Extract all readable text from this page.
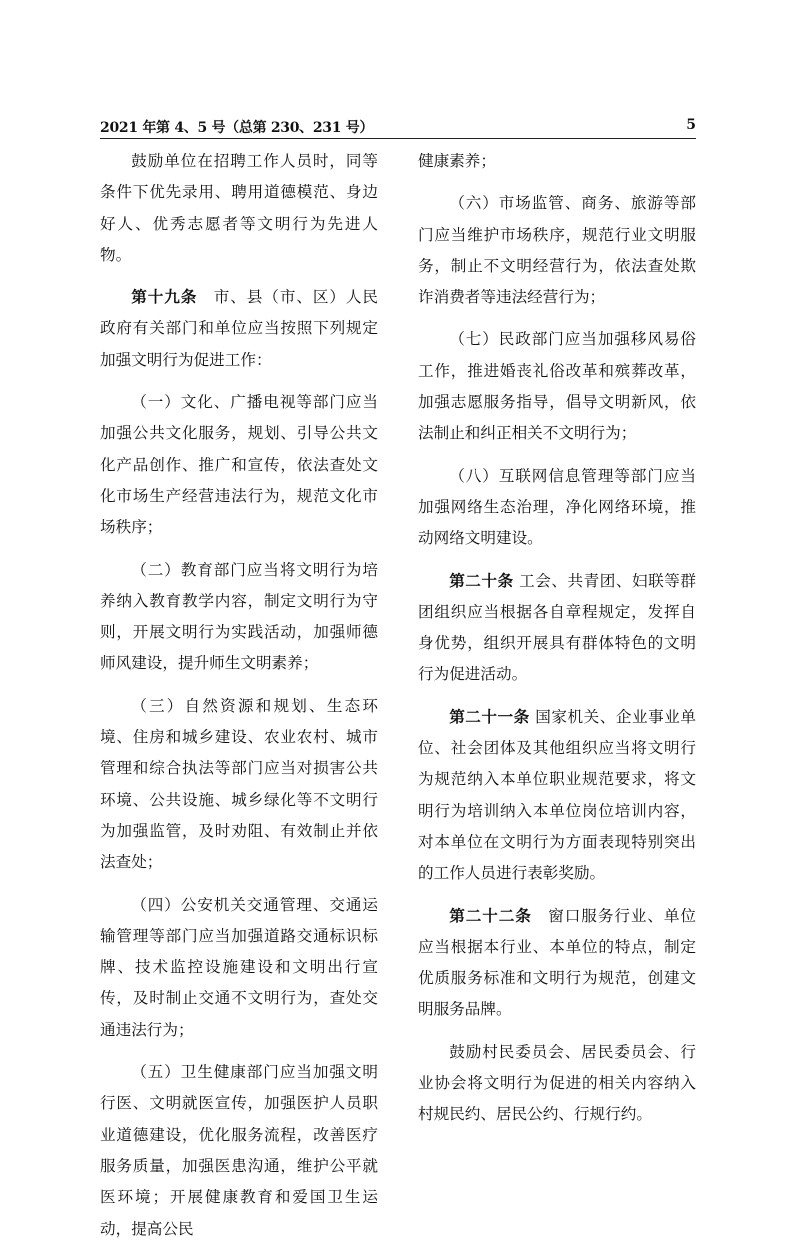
2021 年第 4、5 号（总第 230、231 号）	5

鼓励单位在招聘工作人员时，同等条件下优先录用、聘用道德模范、身边好人、优秀志愿者等文明行为先进人物。

第十九条　市、县（市、区）人民政府有关部门和单位应当按照下列规定加强文明行为促进工作：

（一）文化、广播电视等部门应当加强公共文化服务，规划、引导公共文化产品创作、推广和宣传，依法查处文化市场生产经营违法行为，规范文化市场秩序；

（二）教育部门应当将文明行为培养纳入教育教学内容，制定文明行为守则，开展文明行为实践活动，加强师德师风建设，提升师生文明素养；

（三）自然资源和规划、生态环境、住房和城乡建设、农业农村、城市管理和综合执法等部门应当对损害公共环境、公共设施、城乡绿化等不文明行为加强监管，及时劝阻、有效制止并依法查处；

（四）公安机关交通管理、交通运输管理等部门应当加强道路交通标识标牌、技术监控设施建设和文明出行宣传，及时制止交通不文明行为，查处交通违法行为；

（五）卫生健康部门应当加强文明行医、文明就医宣传，加强医护人员职业道德建设，优化服务流程，改善医疗服务质量，加强医患沟通，维护公平就医环境；开展健康教育和爱国卫生运动，提高公民

健康素养；

（六）市场监管、商务、旅游等部门应当维护市场秩序，规范行业文明服务，制止不文明经营行为，依法查处欺诈消费者等违法经营行为；

（七）民政部门应当加强移风易俗工作，推进婚丧礼俗改革和殡葬改革，加强志愿服务指导，倡导文明新风，依法制止和纠正相关不文明行为；

（八）互联网信息管理等部门应当加强网络生态治理，净化网络环境，推动网络文明建设。

第二十条 工会、共青团、妇联等群团组织应当根据各自章程规定，发挥自身优势，组织开展具有群体特色的文明行为促进活动。

第二十一条 国家机关、企业事业单位、社会团体及其他组织应当将文明行为规范纳入本单位职业规范要求，将文明行为培训纳入本单位岗位培训内容，对本单位在文明行为方面表现特别突出的工作人员进行表彰奖励。

第二十二条　窗口服务行业、单位应当根据本行业、本单位的特点，制定优质服务标准和文明行为规范，创建文明服务品牌。

鼓励村民委员会、居民委员会、行业协会将文明行为促进的相关内容纳入村规民约、居民公约、行规行约。
